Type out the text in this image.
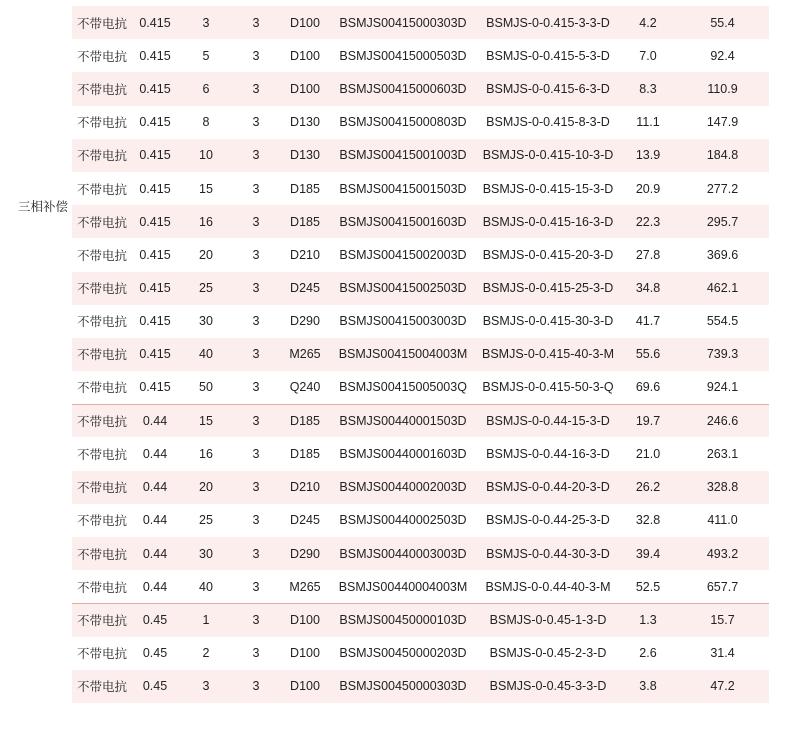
三相补偿
不带电抗	0.415	3	3	D100	BSMJS00415000303D	BSMJS-0-0.415-3-3-D	4.2	55.4
不带电抗	0.415	5	3	D100	BSMJS00415000503D	BSMJS-0-0.415-5-3-D	7.0	92.4
不带电抗	0.415	6	3	D100	BSMJS00415000603D	BSMJS-0-0.415-6-3-D	8.3	110.9
不带电抗	0.415	8	3	D130	BSMJS00415000803D	BSMJS-0-0.415-8-3-D	11.1	147.9
不带电抗	0.415	10	3	D130	BSMJS00415001003D	BSMJS-0-0.415-10-3-D	13.9	184.8
不带电抗	0.415	15	3	D185	BSMJS00415001503D	BSMJS-0-0.415-15-3-D	20.9	277.2
不带电抗	0.415	16	3	D185	BSMJS00415001603D	BSMJS-0-0.415-16-3-D	22.3	295.7
不带电抗	0.415	20	3	D210	BSMJS00415002003D	BSMJS-0-0.415-20-3-D	27.8	369.6
不带电抗	0.415	25	3	D245	BSMJS00415002503D	BSMJS-0-0.415-25-3-D	34.8	462.1
不带电抗	0.415	30	3	D290	BSMJS00415003003D	BSMJS-0-0.415-30-3-D	41.7	554.5
不带电抗	0.415	40	3	M265	BSMJS00415004003M	BSMJS-0-0.415-40-3-M	55.6	739.3
不带电抗	0.415	50	3	Q240	BSMJS00415005003Q	BSMJS-0-0.415-50-3-Q	69.6	924.1
不带电抗	0.44	15	3	D185	BSMJS00440001503D	BSMJS-0-0.44-15-3-D	19.7	246.6
不带电抗	0.44	16	3	D185	BSMJS00440001603D	BSMJS-0-0.44-16-3-D	21.0	263.1
不带电抗	0.44	20	3	D210	BSMJS00440002003D	BSMJS-0-0.44-20-3-D	26.2	328.8
不带电抗	0.44	25	3	D245	BSMJS00440002503D	BSMJS-0-0.44-25-3-D	32.8	411.0
不带电抗	0.44	30	3	D290	BSMJS00440003003D	BSMJS-0-0.44-30-3-D	39.4	493.2
不带电抗	0.44	40	3	M265	BSMJS00440004003M	BSMJS-0-0.44-40-3-M	52.5	657.7
不带电抗	0.45	1	3	D100	BSMJS00450000103D	BSMJS-0-0.45-1-3-D	1.3	15.7
不带电抗	0.45	2	3	D100	BSMJS00450000203D	BSMJS-0-0.45-2-3-D	2.6	31.4
不带电抗	0.45	3	3	D100	BSMJS00450000303D	BSMJS-0-0.45-3-3-D	3.8	47.2
